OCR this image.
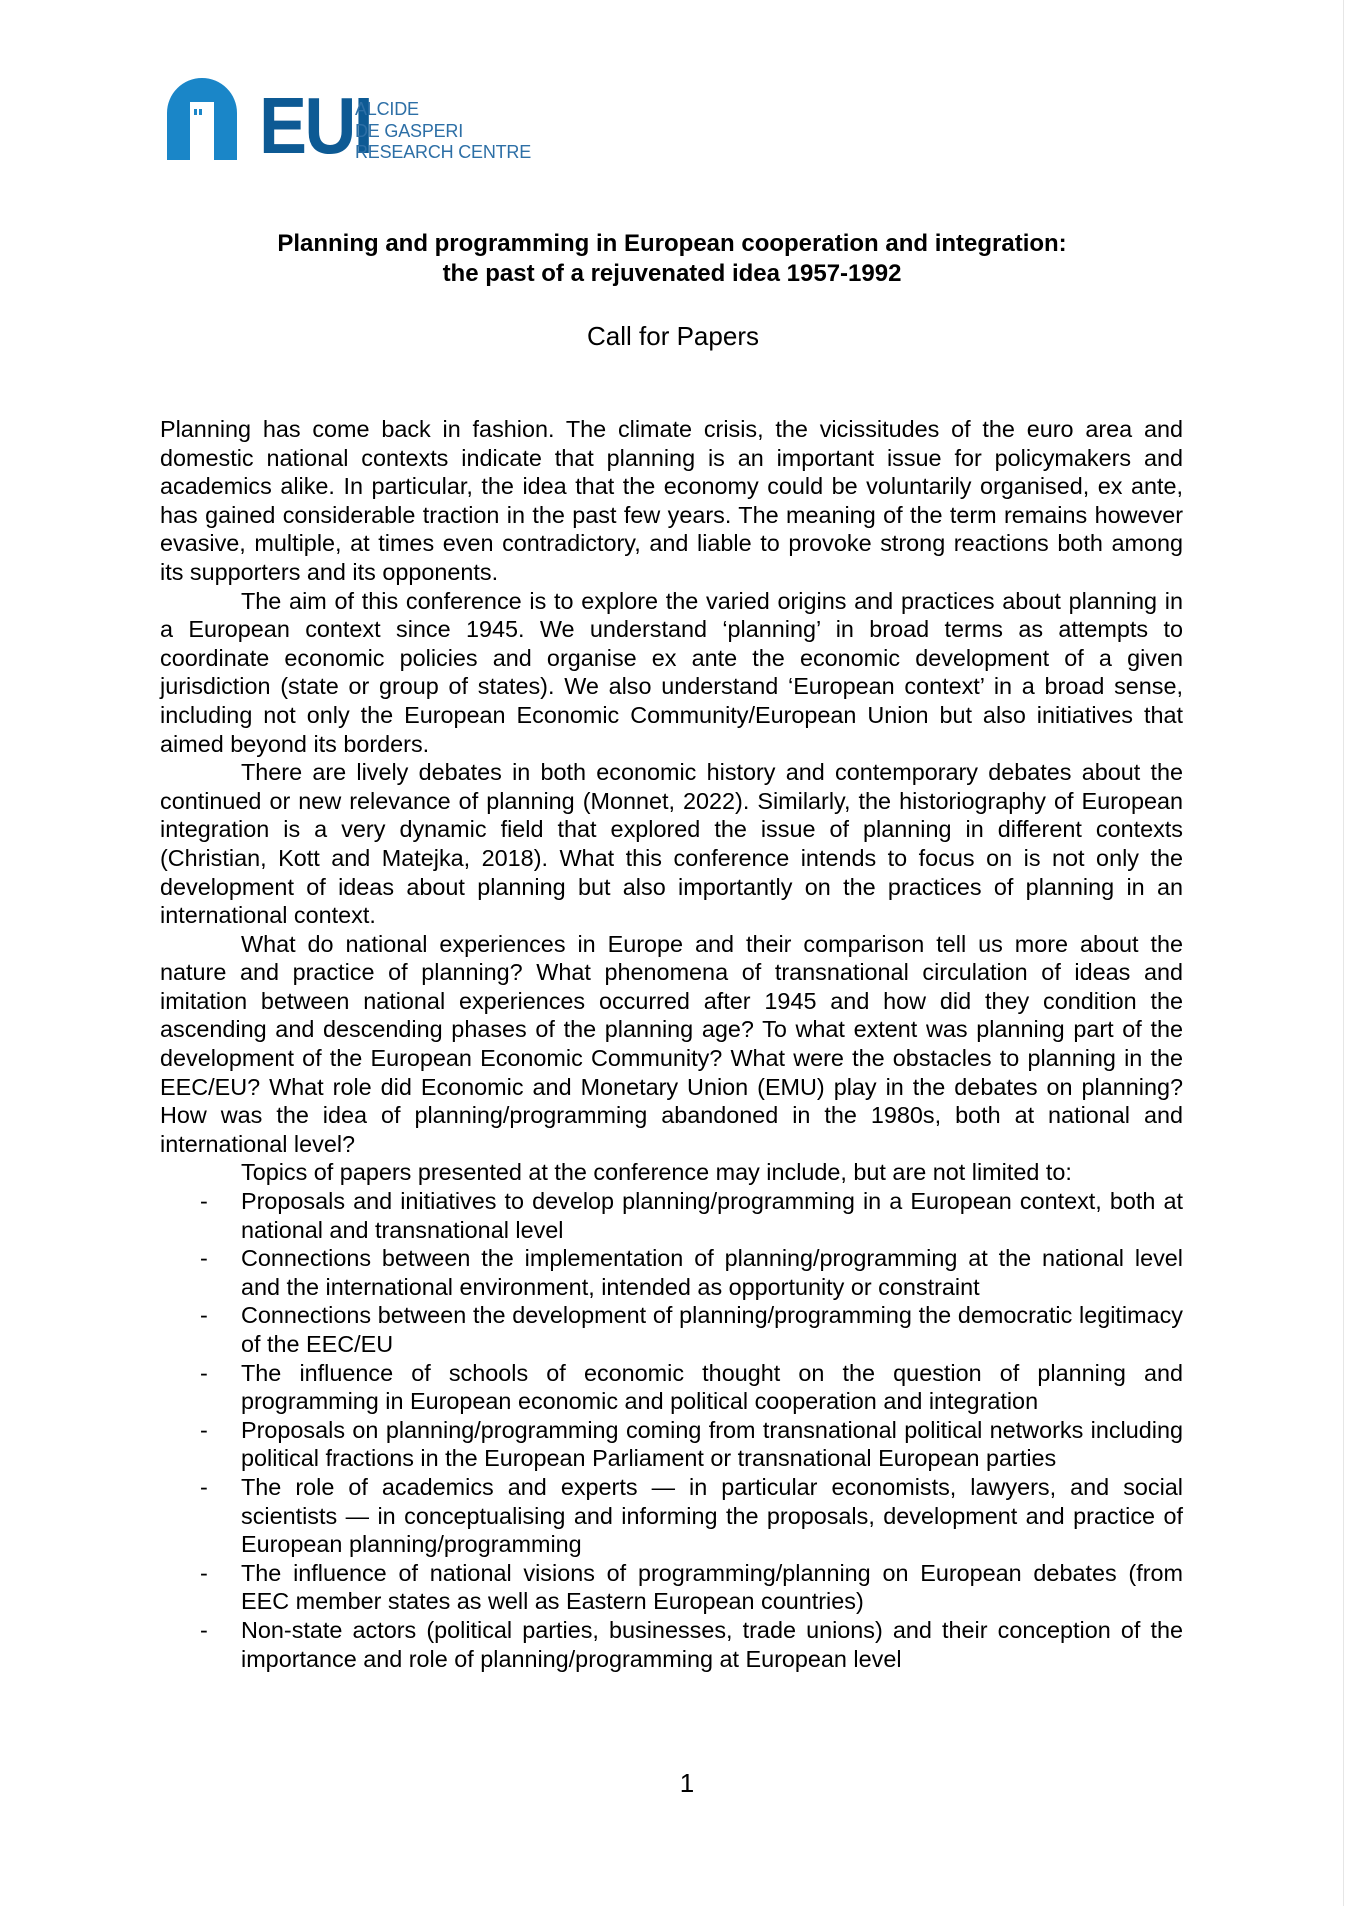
EUI
ALCIDE
DE GASPERI
RESEARCH CENTRE
Planning and programming in European cooperation and integration:
the past of a rejuvenated idea 1957-1992
Call for Papers

Planning has come back in fashion. The climate crisis, the vicissitudes of the euro area and domestic national contexts indicate that planning is an important issue for policymakers and academics alike. In particular, the idea that the economy could be voluntarily organised, ex ante, has gained considerable traction in the past few years. The meaning of the term remains however evasive, multiple, at times even contradictory, and liable to provoke strong reactions both among its supporters and its opponents.

The aim of this conference is to explore the varied origins and practices about planning in a European context since 1945. We understand ‘planning’ in broad terms as attempts to coordinate economic policies and organise ex ante the economic development of a given jurisdiction (state or group of states). We also understand ‘European context’ in a broad sense, including not only the European Economic Community/European Union but also initiatives that aimed beyond its borders.

There are lively debates in both economic history and contemporary debates about the continued or new relevance of planning (Monnet, 2022). Similarly, the historiography of European integration is a very dynamic field that explored the issue of planning in different contexts (Christian, Kott and Matejka, 2018). What this conference intends to focus on is not only the development of ideas about planning but also importantly on the practices of planning in an international context.

What do national experiences in Europe and their comparison tell us more about the nature and practice of planning? What phenomena of transnational circulation of ideas and imitation between national experiences occurred after 1945 and how did they condition the ascending and descending phases of the planning age? To what extent was planning part of the development of the European Economic Community? What were the obstacles to planning in the EEC/EU? What role did Economic and Monetary Union (EMU) play in the debates on planning? How was the idea of planning/programming abandoned in the 1980s, both at national and international level?

Topics of papers presented at the conference may include, but are not limited to:

- Proposals and initiatives to develop planning/programming in a European context, both at national and transnational level
- Connections between the implementation of planning/programming at the national level and the international environment, intended as opportunity or constraint
- Connections between the development of planning/programming the democratic legitimacy of the EEC/EU
- The influence of schools of economic thought on the question of planning and programming in European economic and political cooperation and integration
- Proposals on planning/programming coming from transnational political networks including political fractions in the European Parliament or transnational European parties
- The role of academics and experts — in particular economists, lawyers, and social scientists — in conceptualising and informing the proposals, development and practice of European planning/programming
- The influence of national visions of programming/planning on European debates (from EEC member states as well as Eastern European countries)
- Non-state actors (political parties, businesses, trade unions) and their conception of the importance and role of planning/programming at European level
1
